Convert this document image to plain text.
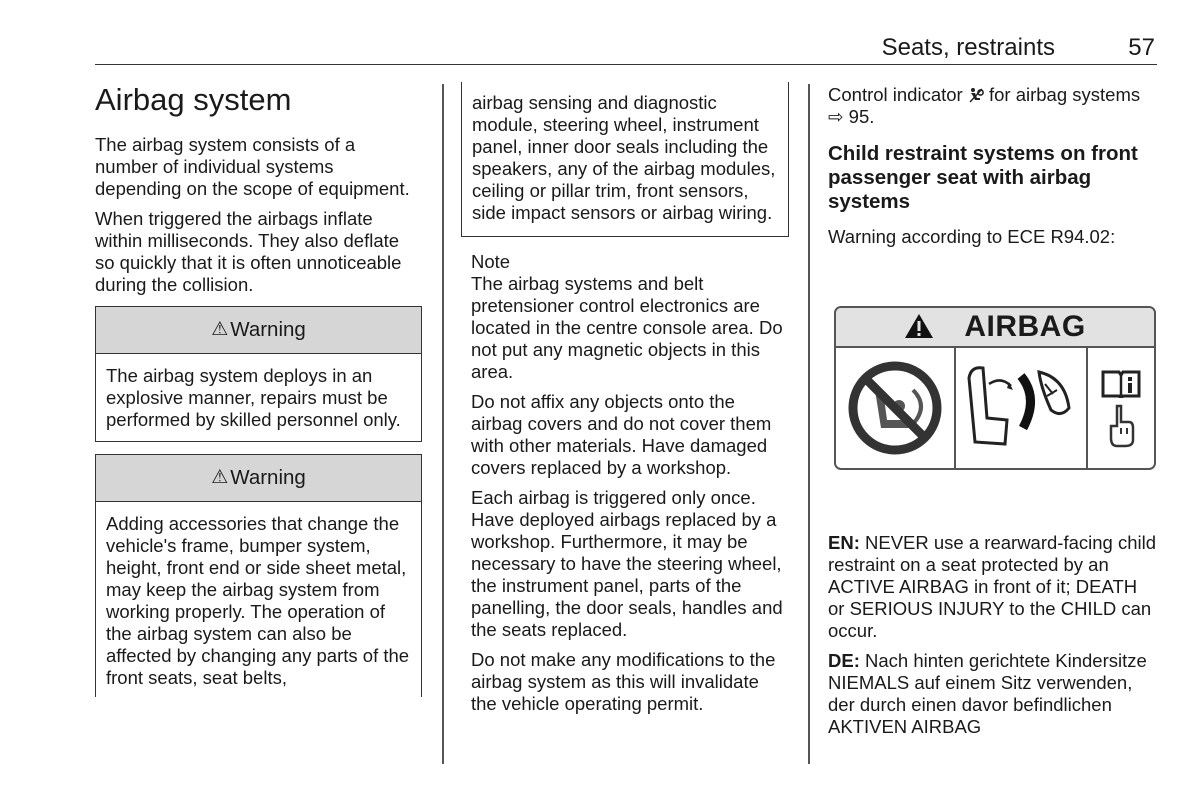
Seats, restraints	57
Airbag system

The airbag system consists of a number of individual systems depending on the scope of equipment.

When triggered the airbags inflate within milliseconds. They also deflate so quickly that it is often unnoticeable during the collision.

⚠ Warning
The airbag system deploys in an explosive manner, repairs must be performed by skilled personnel only.
⚠ Warning
Adding accessories that change the vehicle's frame, bumper system, height, front end or side sheet metal, may keep the airbag system from working properly. The operation of the airbag system can also be affected by changing any parts of the front seats, seat belts,
airbag sensing and diagnostic module, steering wheel, instrument panel, inner door seals including the speakers, any of the airbag modules, ceiling or pillar trim, front sensors, side impact sensors or airbag wiring.
Note

The airbag systems and belt pretensioner control electronics are located in the centre console area. Do not put any magnetic objects in this area.

Do not affix any objects onto the airbag covers and do not cover them with other materials. Have damaged covers replaced by a workshop.

Each airbag is triggered only once. Have deployed airbags replaced by a workshop. Furthermore, it may be necessary to have the steering wheel, the instrument panel, parts of the panelling, the door seals, handles and the seats replaced.

Do not make any modifications to the airbag system as this will invalidate the vehicle operating permit.

Control indicator for airbag systems
⇨ 95.

Child restraint systems on front passenger seat with airbag systems

Warning according to ECE R94.02:

AIRBAG

EN: NEVER use a rearward-facing child restraint on a seat protected by an ACTIVE AIRBAG in front of it; DEATH or SERIOUS INJURY to the CHILD can occur.

DE: Nach hinten gerichtete Kindersitze NIEMALS auf einem Sitz verwenden, der durch einen davor befindlichen AKTIVEN AIRBAG
